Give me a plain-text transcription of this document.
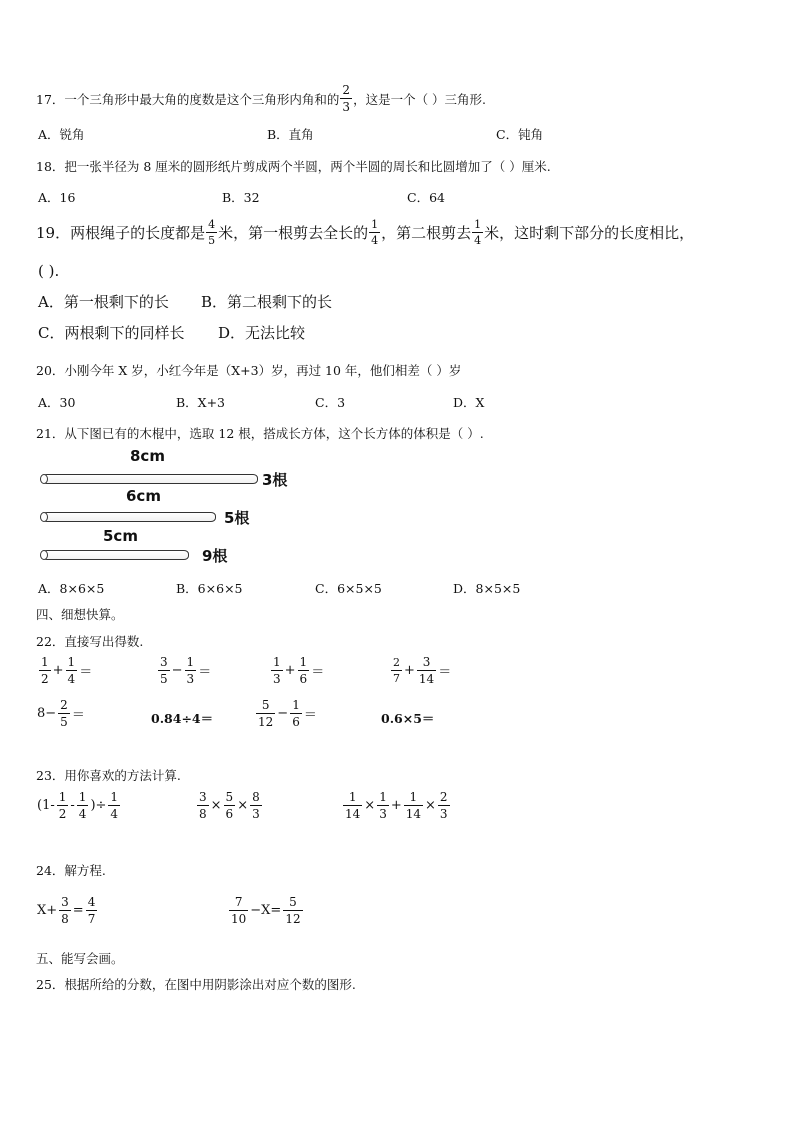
17．一个三角形中最大角的度数是这个三角形内角和的 $\frac{2}{3}$ ，这是一个（ ）三角形.
A．锐角	B．直角	C．钝角
18．把一张半径为 8 厘米的圆形纸片剪成两个半圆，两个半圆的周长和比圆增加了（ ）厘米.
A．16	B．32	C．64
19．两根绳子的长度都是 $\frac{4}{5}$ 米，第一根剪去全长的 $\frac{1}{4}$ ，第二根剪去 $\frac{1}{4}$ 米，这时剩下部分的长度相比，
( ).
A．第一根剩下的长 B．第二根剩下的长
C．两根剩下的同样长 D．无法比较
20．小刚今年 X 岁，小红今年是（X+3）岁，再过 10 年，他们相差（ ）岁
A．30	B．X+3	C．3	D．X
21．从下图已有的木棍中，选取 12 根，搭成长方体，这个长方体的体积是（ ）.
8cm
3根
6cm
5根
5cm
9根
A．8×6×5	B．6×6×5	C．6×5×5	D．8×5×5
四、细想快算。
22．直接写出得数.
$\frac{1}{2} + \frac{1}{4}$ ＝	$\frac{3}{5} - \frac{1}{3}$ ＝	$\frac{1}{3} + \frac{1}{6}$ ＝	$\frac{2}{7} + \frac{3}{14}$ ＝
$8- \frac{2}{5}$ ＝	0.84÷4＝	$\frac{5}{12} - \frac{1}{6}$ ＝	0.6×5＝
23．用你喜欢的方法计算.
($1- \frac{1}{2} - \frac{1}{4}$ )÷ $\frac{1}{4}$	$\frac{3}{8} \times \frac{5}{6} \times \frac{8}{3}$	$\frac{1}{14} \times \frac{1}{3} + \frac{1}{14} \times \frac{2}{3}$
24．解方程.
$X+ \frac{3}{8} = \frac{4}{7}$	$\frac{7}{10} -X= \frac{5}{12}$
五、能写会画。
25．根据所给的分数，在图中用阴影涂出对应个数的图形.
